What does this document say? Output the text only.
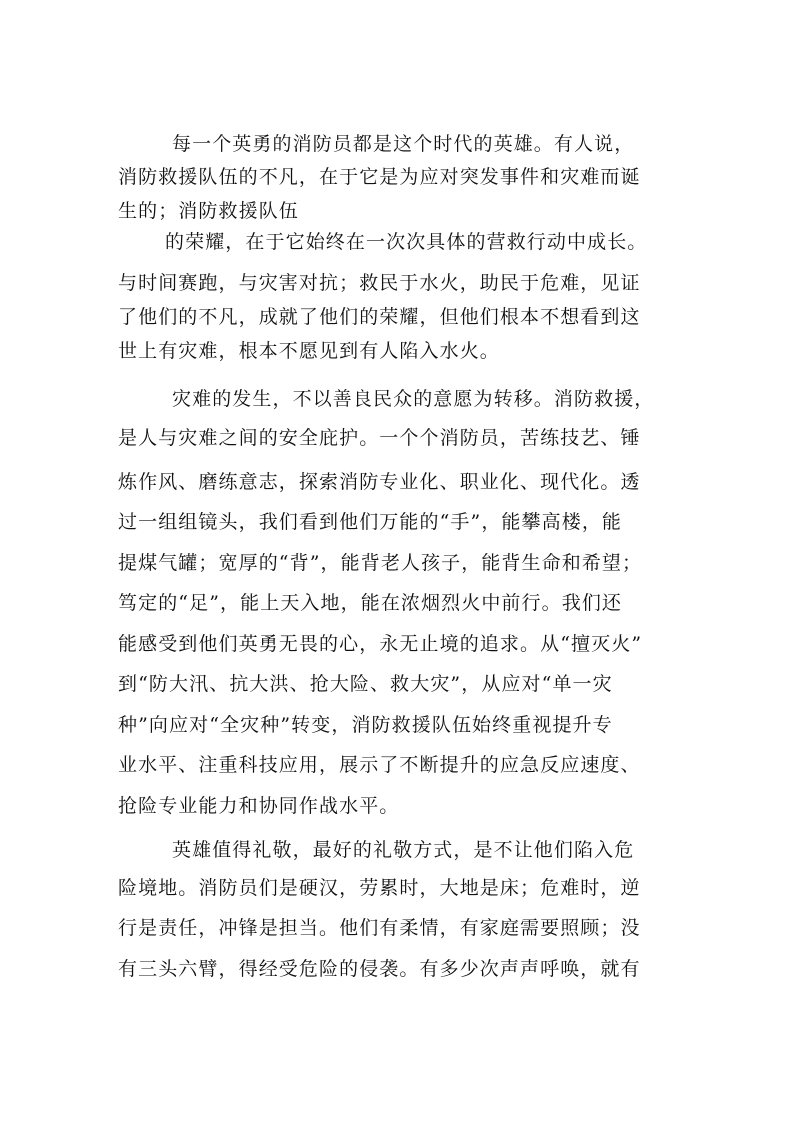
每一个英勇的消防员都是这个时代的英雄。有人说，
消防救援队伍的不凡，在于它是为应对突发事件和灾难而诞
生的；消防救援队伍
的荣耀，在于它始终在一次次具体的营救行动中成长。
与时间赛跑，与灾害对抗；救民于水火，助民于危难，见证
了他们的不凡，成就了他们的荣耀，但他们根本不想看到这
世上有灾难，根本不愿见到有人陷入水火。
灾难的发生，不以善良民众的意愿为转移。消防救援，
是人与灾难之间的安全庇护。一个个消防员，苦练技艺、锤
炼作风、磨练意志，探索消防专业化、职业化、现代化。透
过一组组镜头，我们看到他们万能的“手”，能攀高楼，能
提煤气罐；宽厚的“背”，能背老人孩子，能背生命和希望；
笃定的“足”，能上天入地，能在浓烟烈火中前行。我们还
能感受到他们英勇无畏的心，永无止境的追求。从“擅灭火”
到“防大汛、抗大洪、抢大险、救大灾”，从应对“单一灾
种”向应对“全灾种”转变，消防救援队伍始终重视提升专
业水平、注重科技应用，展示了不断提升的应急反应速度、
抢险专业能力和协同作战水平。
英雄值得礼敬，最好的礼敬方式，是不让他们陷入危
险境地。消防员们是硬汉，劳累时，大地是床；危难时，逆
行是责任，冲锋是担当。他们有柔情，有家庭需要照顾；没
有三头六臂，得经受危险的侵袭。有多少次声声呼唤，就有
